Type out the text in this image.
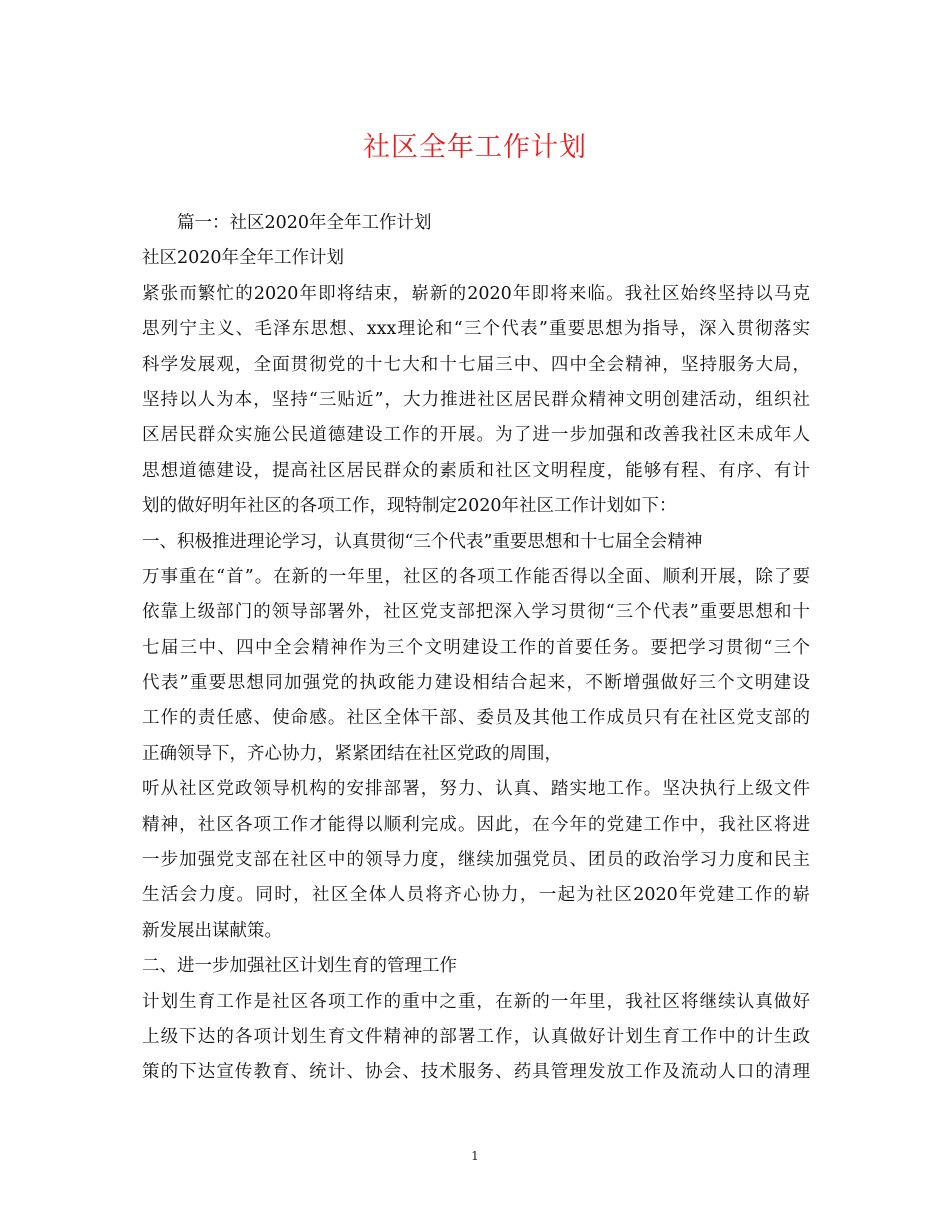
社区全年工作计划
篇一：社区2020年全年工作计划
社区2020年全年工作计划
紧张而繁忙的2020年即将结束，崭新的2020年即将来临。我社区始终坚持以马克
思列宁主义、毛泽东思想、xxx理论和“三个代表”重要思想为指导，深入贯彻落实
科学发展观，全面贯彻党的十七大和十七届三中、四中全会精神，坚持服务大局，
坚持以人为本，坚持“三贴近”，大力推进社区居民群众精神文明创建活动，组织社
区居民群众实施公民道德建设工作的开展。为了进一步加强和改善我社区未成年人
思想道德建设，提高社区居民群众的素质和社区文明程度，能够有程、有序、有计
划的做好明年社区的各项工作，现特制定2020年社区工作计划如下：
一、积极推进理论学习，认真贯彻“三个代表”重要思想和十七届全会精神
万事重在“首”。在新的一年里，社区的各项工作能否得以全面、顺利开展，除了要
依靠上级部门的领导部署外，社区党支部把深入学习贯彻“三个代表”重要思想和十
七届三中、四中全会精神作为三个文明建设工作的首要任务。要把学习贯彻“三个
代表”重要思想同加强党的执政能力建设相结合起来，不断增强做好三个文明建设
工作的责任感、使命感。社区全体干部、委员及其他工作成员只有在社区党支部的
正确领导下，齐心协力，紧紧团结在社区党政的周围，
听从社区党政领导机构的安排部署，努力、认真、踏实地工作。坚决执行上级文件
精神，社区各项工作才能得以顺利完成。因此，在今年的党建工作中，我社区将进
一步加强党支部在社区中的领导力度，继续加强党员、团员的政治学习力度和民主
生活会力度。同时，社区全体人员将齐心协力，一起为社区2020年党建工作的崭
新发展出谋献策。
二、进一步加强社区计划生育的管理工作
计划生育工作是社区各项工作的重中之重，在新的一年里，我社区将继续认真做好
上级下达的各项计划生育文件精神的部署工作，认真做好计划生育工作中的计生政
策的下达宣传教育、统计、协会、技术服务、药具管理发放工作及流动人口的清理
1
